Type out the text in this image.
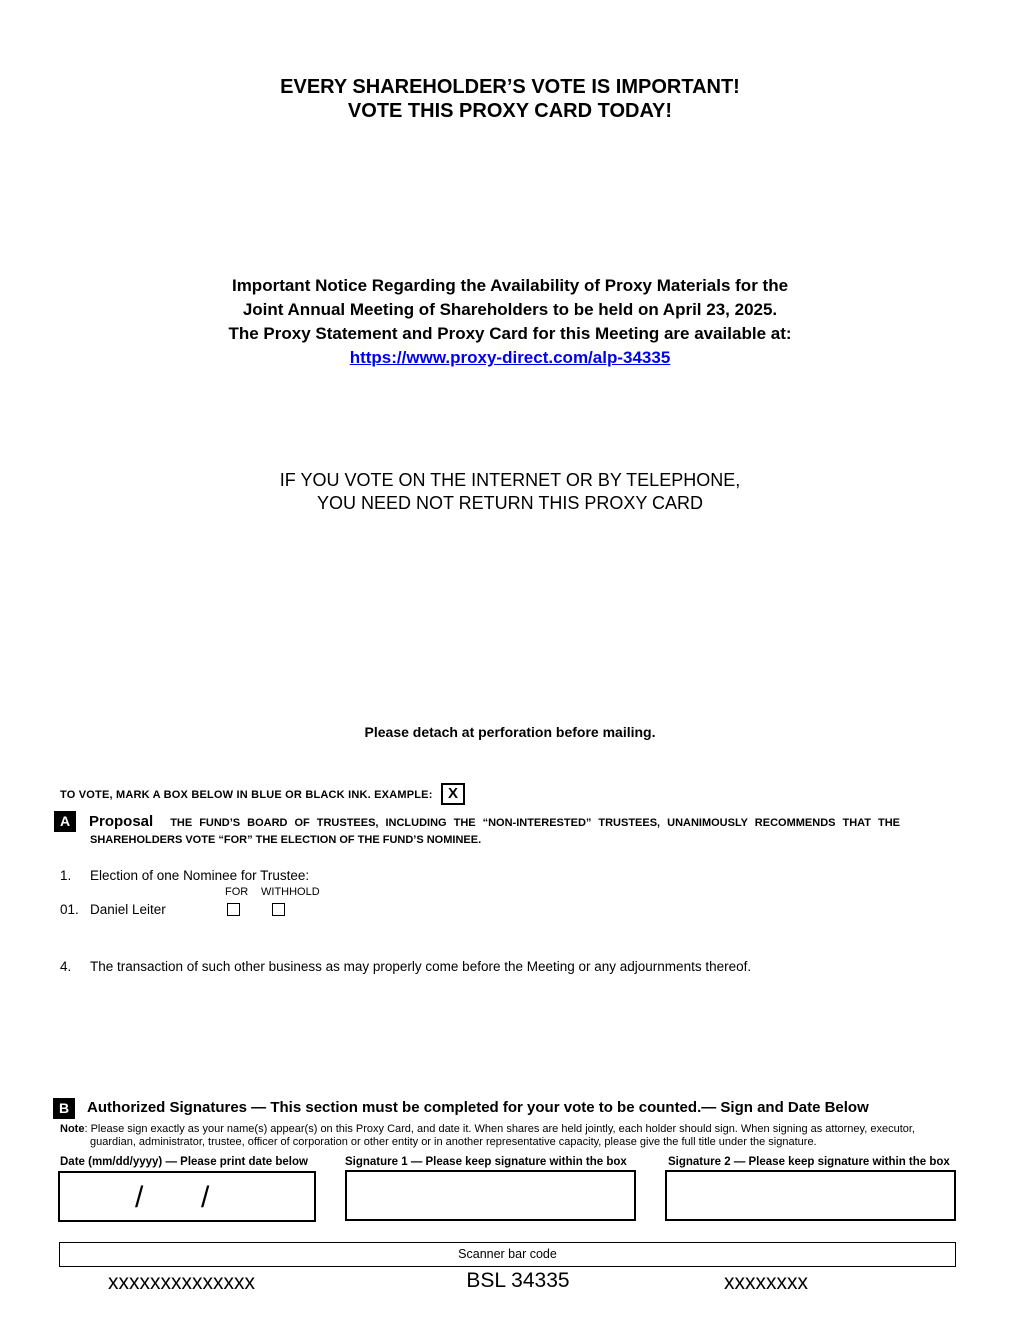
EVERY SHAREHOLDER’S VOTE IS IMPORTANT!
VOTE THIS PROXY CARD TODAY!
Important Notice Regarding the Availability of Proxy Materials for the
Joint Annual Meeting of Shareholders to be held on April 23, 2025.
The Proxy Statement and Proxy Card for this Meeting are available at:
https://www.proxy-direct.com/alp-34335
IF YOU VOTE ON THE INTERNET OR BY TELEPHONE,
YOU NEED NOT RETURN THIS PROXY CARD
Please detach at perforation before mailing.
TO VOTE, MARK A BOX BELOW IN BLUE OR BLACK INK. EXAMPLE: X
A	Proposal THE FUND’S BOARD OF TRUSTEES, INCLUDING THE “NON-INTERESTED” TRUSTEES, UNANIMOUSLY RECOMMENDS THAT THE
SHAREHOLDERS VOTE “FOR” THE ELECTION OF THE FUND’S NOMINEE.
1. Election of one Nominee for Trustee:
FOR WITHHOLD
01. Daniel Leiter
4. The transaction of such other business as may properly come before the Meeting or any adjournments thereof.
B	Authorized Signatures — This section must be completed for your vote to be counted.— Sign and Date Below
Note: Please sign exactly as your name(s) appear(s) on this Proxy Card, and date it. When shares are held jointly, each holder should sign. When signing as attorney, executor,
guardian, administrator, trustee, officer of corporation or other entity or in another representative capacity, please give the full title under the signature.
Date (mm/dd/yyyy) — Please print date below	Signature 1 — Please keep signature within the box	Signature 2 — Please keep signature within the box
/ /
Scanner bar code
xxxxxxxxxxxxxx	BSL 34335	xxxxxxxx
